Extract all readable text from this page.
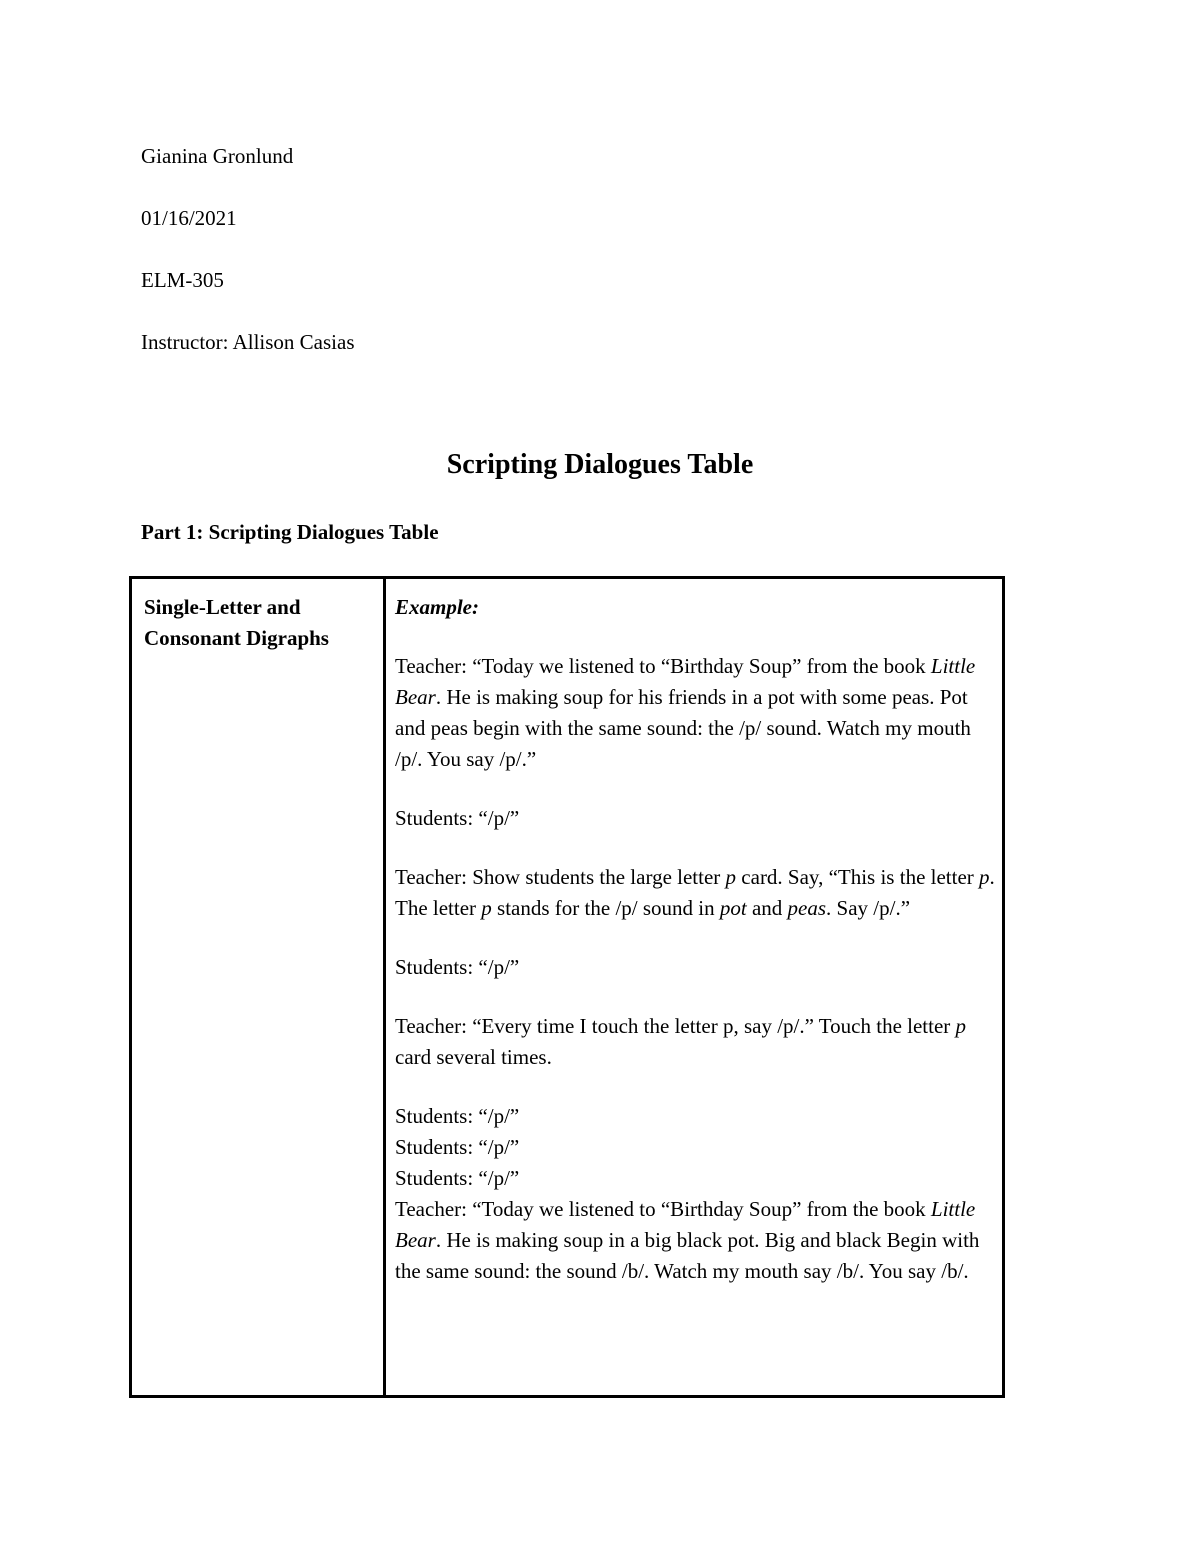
Gianina Gronlund
01/16/2021
ELM-305
Instructor: Allison Casias
Scripting Dialogues Table
Part 1: Scripting Dialogues Table
Single-Letter and
Consonant Digraphs

Example:

Teacher: “Today we listened to “Birthday Soup” from the book Little Bear. He is making soup for his friends in a pot with some peas. Pot and peas begin with the same sound: the /p/ sound. Watch my mouth /p/. You say /p/.”

Students: “/p/”

Teacher: Show students the large letter p card. Say, “This is the letter p. The letter p stands for the /p/ sound in pot and peas. Say /p/.”

Students: “/p/”

Teacher: “Every time I touch the letter p, say /p/.” Touch the letter p card several times.

Students: “/p/”

Students: “/p/”

Students: “/p/”

Teacher: “Today we listened to “Birthday Soup” from the book Little Bear. He is making soup in a big black pot. Big and black Begin with the same sound: the sound /b/. Watch my mouth say /b/. You say /b/.
